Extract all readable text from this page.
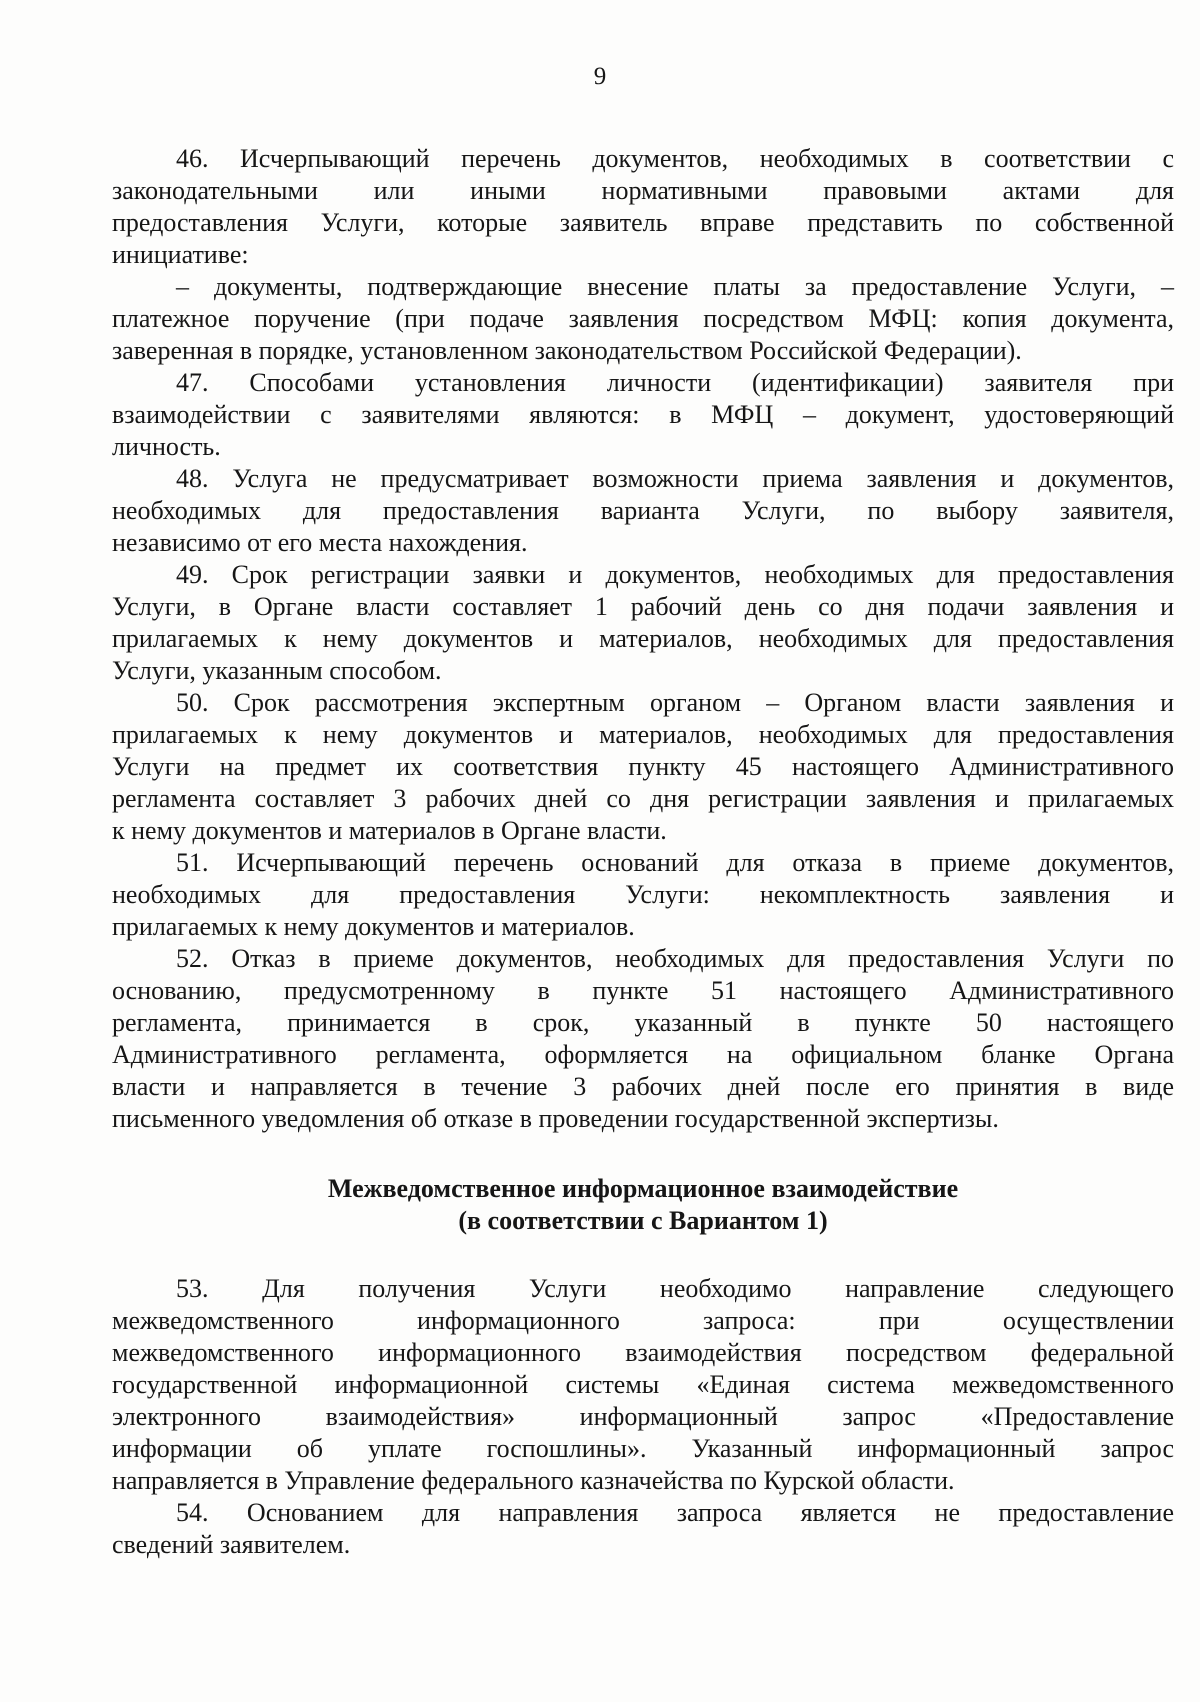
9
46. Исчерпывающий перечень документов, необходимых в соответствии с
законодательными или иными нормативными правовыми актами для
предоставления Услуги, которые заявитель вправе представить по собственной
инициативе:
– документы, подтверждающие внесение платы за предоставление Услуги, –
платежное поручение (при подаче заявления посредством МФЦ: копия документа,
заверенная в порядке, установленном законодательством Российской Федерации).
47. Способами установления личности (идентификации) заявителя при
взаимодействии с заявителями являются: в МФЦ – документ, удостоверяющий
личность.
48. Услуга не предусматривает возможности приема заявления и документов,
необходимых для предоставления варианта Услуги, по выбору заявителя,
независимо от его места нахождения.
49. Срок регистрации заявки и документов, необходимых для предоставления
Услуги, в Органе власти составляет 1 рабочий день со дня подачи заявления и
прилагаемых к нему документов и материалов, необходимых для предоставления
Услуги, указанным способом.
50. Срок рассмотрения экспертным органом – Органом власти заявления и
прилагаемых к нему документов и материалов, необходимых для предоставления
Услуги на предмет их соответствия пункту 45 настоящего Административного
регламента составляет 3 рабочих дней со дня регистрации заявления и прилагаемых
к нему документов и материалов в Органе власти.
51. Исчерпывающий перечень оснований для отказа в приеме документов,
необходимых для предоставления Услуги: некомплектность заявления и
прилагаемых к нему документов и материалов.
52. Отказ в приеме документов, необходимых для предоставления Услуги по
основанию, предусмотренному в пункте 51 настоящего Административного
регламента, принимается в срок, указанный в пункте 50 настоящего
Административного регламента, оформляется на официальном бланке Органа
власти и направляется в течение 3 рабочих дней после его принятия в виде
письменного уведомления об отказе в проведении государственной экспертизы.
Межведомственное информационное взаимодействие
(в соответствии с Вариантом 1)
53. Для получения Услуги необходимо направление следующего
межведомственного информационного запроса: при осуществлении
межведомственного информационного взаимодействия посредством федеральной
государственной информационной системы «Единая система межведомственного
электронного взаимодействия» информационный запрос «Предоставление
информации об уплате госпошлины». Указанный информационный запрос
направляется в Управление федерального казначейства по Курской области.
54. Основанием для направления запроса является не предоставление
сведений заявителем.
